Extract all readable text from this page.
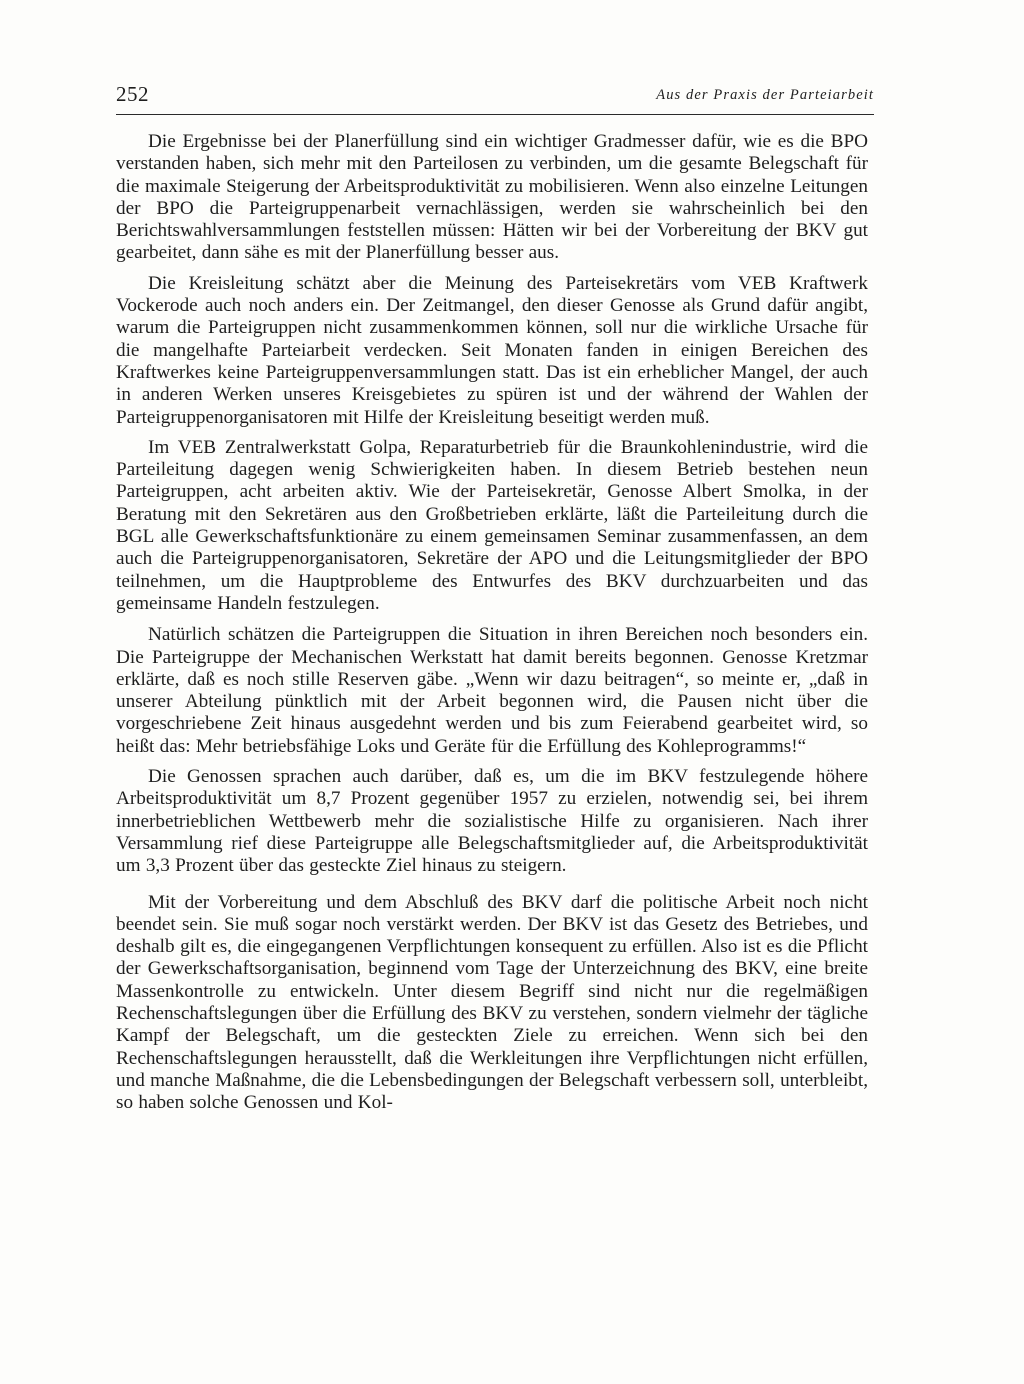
252	Aus der Praxis der Parteiarbeit

Die Ergebnisse bei der Planerfüllung sind ein wichtiger Gradmesser dafür, wie es die BPO verstanden haben, sich mehr mit den Parteilosen zu verbinden, um die gesamte Belegschaft für die maximale Steigerung der Arbeitsproduktivität zu mobilisieren. Wenn also einzelne Leitungen der BPO die Parteigruppenarbeit vernachlässigen, werden sie wahrscheinlich bei den Berichtswahlversammlungen feststellen müssen: Hätten wir bei der Vorbereitung der BKV gut gearbeitet, dann sähe es mit der Planerfüllung besser aus.

Die Kreisleitung schätzt aber die Meinung des Parteisekretärs vom VEB Kraftwerk Vockerode auch noch anders ein. Der Zeitmangel, den dieser Genosse als Grund dafür angibt, warum die Parteigruppen nicht zusammenkommen können, soll nur die wirkliche Ursache für die mangelhafte Parteiarbeit verdecken. Seit Monaten fanden in einigen Bereichen des Kraftwerkes keine Parteigruppenversammlungen statt. Das ist ein erheblicher Mangel, der auch in anderen Werken unseres Kreisgebietes zu spüren ist und der während der Wahlen der Parteigruppenorganisatoren mit Hilfe der Kreisleitung beseitigt werden muß.

Im VEB Zentralwerkstatt Golpa, Reparaturbetrieb für die Braunkohlenindustrie, wird die Parteileitung dagegen wenig Schwierigkeiten haben. In diesem Betrieb bestehen neun Parteigruppen, acht arbeiten aktiv. Wie der Parteisekretär, Genosse Albert Smolka, in der Beratung mit den Sekretären aus den Großbetrieben erklärte, läßt die Parteileitung durch die BGL alle Gewerkschaftsfunktionäre zu einem gemeinsamen Seminar zusammenfassen, an dem auch die Parteigruppenorganisatoren, Sekretäre der APO und die Leitungsmitglieder der BPO teilnehmen, um die Hauptprobleme des Entwurfes des BKV durchzuarbeiten und das gemeinsame Handeln festzulegen.

Natürlich schätzen die Parteigruppen die Situation in ihren Bereichen noch besonders ein. Die Parteigruppe der Mechanischen Werkstatt hat damit bereits begonnen. Genosse Kretzmar erklärte, daß es noch stille Reserven gäbe. „Wenn wir dazu beitragen“, so meinte er, „daß in unserer Abteilung pünktlich mit der Arbeit begonnen wird, die Pausen nicht über die vorgeschriebene Zeit hinaus ausgedehnt werden und bis zum Feierabend gearbeitet wird, so heißt das: Mehr betriebsfähige Loks und Geräte für die Erfüllung des Kohleprogramms!“

Die Genossen sprachen auch darüber, daß es, um die im BKV festzulegende höhere Arbeitsproduktivität um 8,7 Prozent gegenüber 1957 zu erzielen, notwendig sei, bei ihrem innerbetrieblichen Wettbewerb mehr die sozialistische Hilfe zu organisieren. Nach ihrer Versammlung rief diese Parteigruppe alle Belegschaftsmitglieder auf, die Arbeitsproduktivität um 3,3 Prozent über das gesteckte Ziel hinaus zu steigern.

Mit der Vorbereitung und dem Abschluß des BKV darf die politische Arbeit noch nicht beendet sein. Sie muß sogar noch verstärkt werden. Der BKV ist das Gesetz des Betriebes, und deshalb gilt es, die eingegangenen Verpflichtungen konsequent zu erfüllen. Also ist es die Pflicht der Gewerkschaftsorganisation, beginnend vom Tage der Unterzeichnung des BKV, eine breite Massenkontrolle zu entwickeln. Unter diesem Begriff sind nicht nur die regelmäßigen Rechenschaftslegungen über die Erfüllung des BKV zu verstehen, sondern vielmehr der tägliche Kampf der Belegschaft, um die gesteckten Ziele zu erreichen. Wenn sich bei den Rechenschaftslegungen herausstellt, daß die Werkleitungen ihre Verpflichtungen nicht erfüllen, und manche Maßnahme, die die Lebensbedingungen der Belegschaft verbessern soll, unterbleibt, so haben solche Genossen und Kol-
